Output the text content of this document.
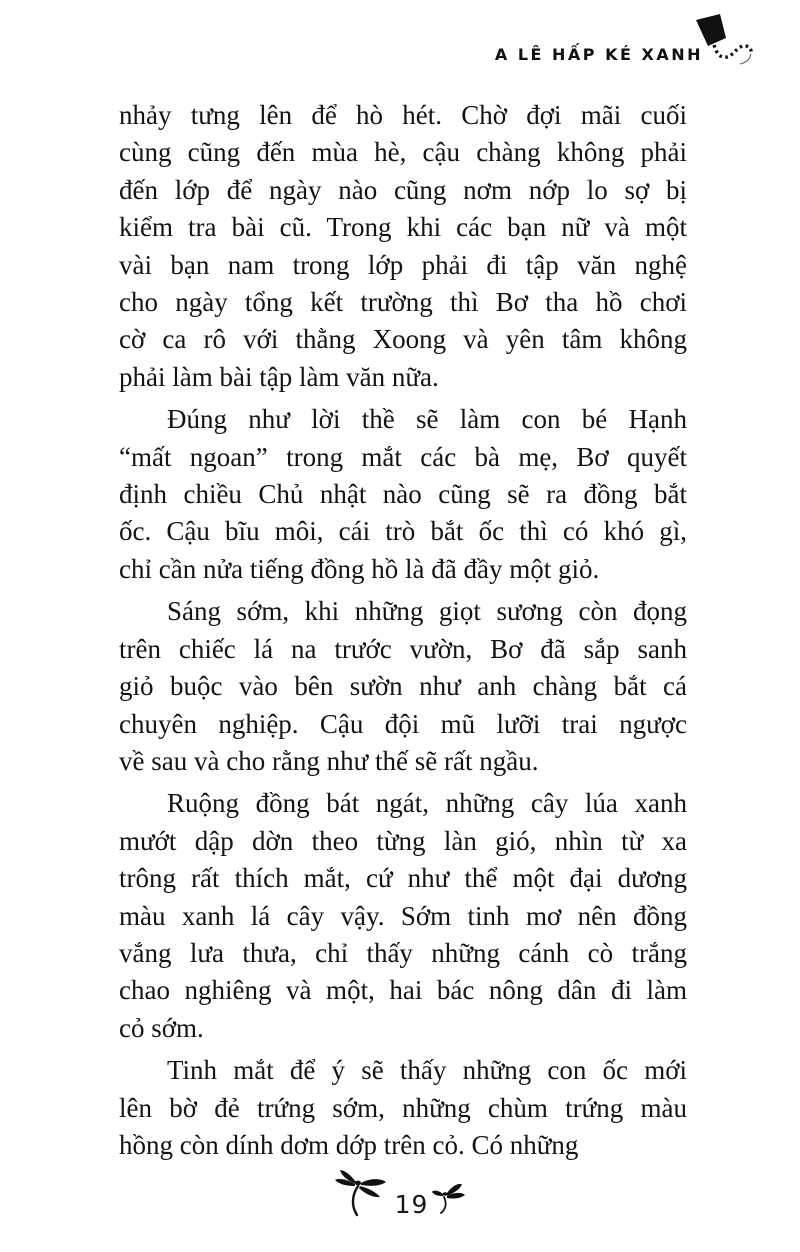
A LÊ HẤP KÉ XANH
nhảy tưng lên để hò hét. Chờ đợi mãi cuối
cùng cũng đến mùa hè, cậu chàng không phải
đến lớp để ngày nào cũng nơm nớp lo sợ bị
kiểm tra bài cũ. Trong khi các bạn nữ và một
vài bạn nam trong lớp phải đi tập văn nghệ
cho ngày tổng kết trường thì Bơ tha hồ chơi
cờ ca rô với thằng Xoong và yên tâm không
phải làm bài tập làm văn nữa.
Đúng như lời thề sẽ làm con bé Hạnh
“mất ngoan” trong mắt các bà mẹ, Bơ quyết
định chiều Chủ nhật nào cũng sẽ ra đồng bắt
ốc. Cậu bĩu môi, cái trò bắt ốc thì có khó gì,
chỉ cần nửa tiếng đồng hồ là đã đầy một giỏ.
Sáng sớm, khi những giọt sương còn đọng
trên chiếc lá na trước vườn, Bơ đã sắp sanh
giỏ buộc vào bên sườn như anh chàng bắt cá
chuyên nghiệp. Cậu đội mũ lưỡi trai ngược
về sau và cho rằng như thế sẽ rất ngầu.
Ruộng đồng bát ngát, những cây lúa xanh
mướt dập dờn theo từng làn gió, nhìn từ xa
trông rất thích mắt, cứ như thể một đại dương
màu xanh lá cây vậy. Sớm tinh mơ nên đồng
vắng lưa thưa, chỉ thấy những cánh cò trắng
chao nghiêng và một, hai bác nông dân đi làm
cỏ sớm.
Tinh mắt để ý sẽ thấy những con ốc mới
lên bờ đẻ trứng sớm, những chùm trứng màu
hồng còn dính dơm dớp trên cỏ. Có những
19
